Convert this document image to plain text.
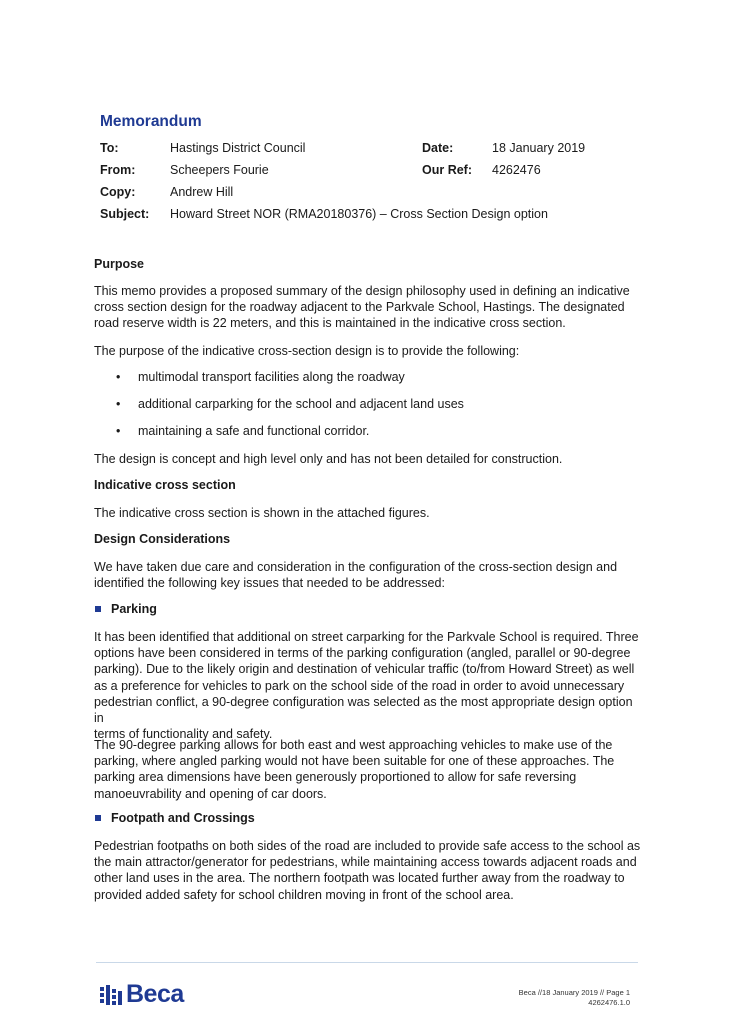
Memorandum
To:	Hastings District Council	Date:	18 January 2019
From:	Scheepers Fourie	Our Ref: 4262476
Copy:	Andrew Hill
Subject: Howard Street NOR (RMA20180376) – Cross Section Design option
Purpose
This memo provides a proposed summary of the design philosophy used in defining an indicative
cross section design for the roadway adjacent to the Parkvale School, Hastings. The designated
road reserve width is 22 meters, and this is maintained in the indicative cross section.
The purpose of the indicative cross-section design is to provide the following:
• multimodal transport facilities along the roadway
• additional carparking for the school and adjacent land uses
• maintaining a safe and functional corridor.
The design is concept and high level only and has not been detailed for construction.
Indicative cross section
The indicative cross section is shown in the attached figures.
Design Considerations
We have taken due care and consideration in the configuration of the cross-section design and
identified the following key issues that needed to be addressed:
Parking
It has been identified that additional on street carparking for the Parkvale School is required. Three
options have been considered in terms of the parking configuration (angled, parallel or 90-degree
parking). Due to the likely origin and destination of vehicular traffic (to/from Howard Street) as well
as a preference for vehicles to park on the school side of the road in order to avoid unnecessary
pedestrian conflict, a 90-degree configuration was selected as the most appropriate design option in
terms of functionality and safety.
The 90-degree parking allows for both east and west approaching vehicles to make use of the
parking, where angled parking would not have been suitable for one of these approaches. The
parking area dimensions have been generously proportioned to allow for safe reversing
manoeuvrability and opening of car doors.
Footpath and Crossings
Pedestrian footpaths on both sides of the road are included to provide safe access to the school as
the main attractor/generator for pedestrians, while maintaining access towards adjacent roads and
other land uses in the area. The northern footpath was located further away from the roadway to
provided added safety for school children moving in front of the school area.
Beca	Beca //18 January 2019 // Page 1
4262476.1.0
